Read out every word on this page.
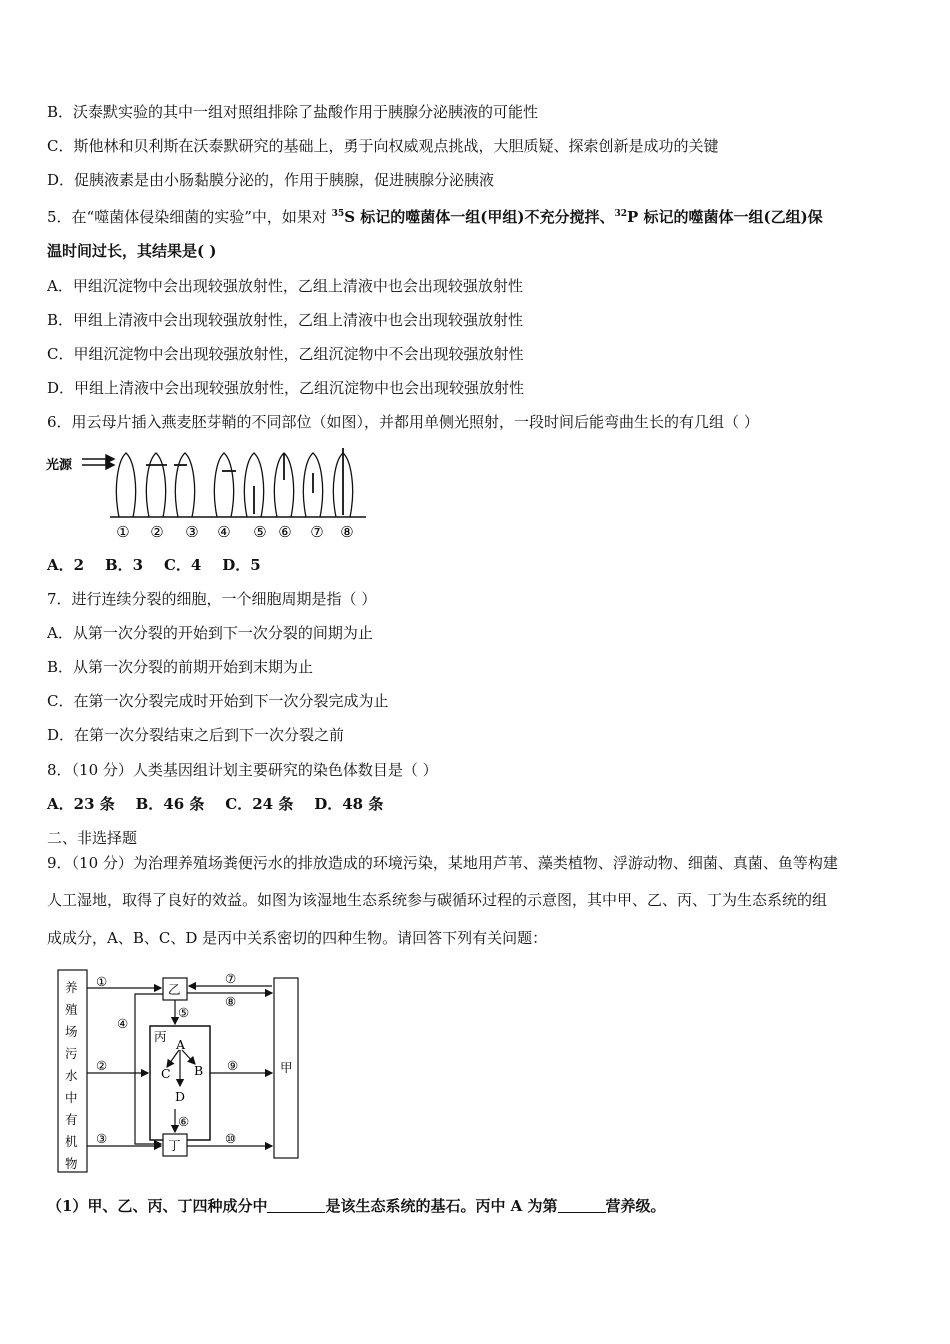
B．沃泰默实验的其中一组对照组排除了盐酸作用于胰腺分泌胰液的可能性
C．斯他林和贝利斯在沃泰默研究的基础上，勇于向权威观点挑战，大胆质疑、探索创新是成功的关键
D．促胰液素是由小肠黏膜分泌的，作用于胰腺，促进胰腺分泌胰液
5．在“噬菌体侵染细菌的实验”中，如果对 $^{35}$S 标记的噬菌体一组(甲组)不充分搅拌、$^{32}$P 标记的噬菌体一组(乙组)保
温时间过长，其结果是( )
A．甲组沉淀物中会出现较强放射性，乙组上清液中也会出现较强放射性
B．甲组上清液中会出现较强放射性，乙组上清液中也会出现较强放射性
C．甲组沉淀物中会出现较强放射性，乙组沉淀物中不会出现较强放射性
D．甲组上清液中会出现较强放射性，乙组沉淀物中也会出现较强放射性
6．用云母片插入燕麦胚芽鞘的不同部位（如图），并都用单侧光照射，一段时间后能弯曲生长的有几组（ ）
光源
① ② ③ ④ ⑤ ⑥ ⑦ ⑧
A．2    B．3    C．4    D．5
7．进行连续分裂的细胞，一个细胞周期是指（ ）
A．从第一次分裂的开始到下一次分裂的间期为止
B．从第一次分裂的前期开始到末期为止
C．在第一次分裂完成时开始到下一次分裂完成为止
D．在第一次分裂结束之后到下一次分裂之前
8．（10 分）人类基因组计划主要研究的染色体数目是（ ）
A．23 条    B．46 条    C．24 条    D．48 条
二、非选择题
9．（10 分）为治理养殖场粪便污水的排放造成的环境污染，某地用芦苇、藻类植物、浮游动物、细菌、真菌、鱼等构建
人工湿地，取得了良好的效益。如图为该湿地生态系统参与碳循环过程的示意图，其中甲、乙、丙、丁为生态系统的组
成成分，A、B、C、D 是丙中关系密切的四种生物。请回答下列有关问题：
养
殖
场
污
水
中
有
机
物
乙
丙
丁
甲
A
C B
D
①
②
③
④
⑤
⑥
⑦
⑧
⑨
⑩
（1）甲、乙、丙、丁四种成分中	是该生态系统的基石。丙中 A 为第	营养级。
